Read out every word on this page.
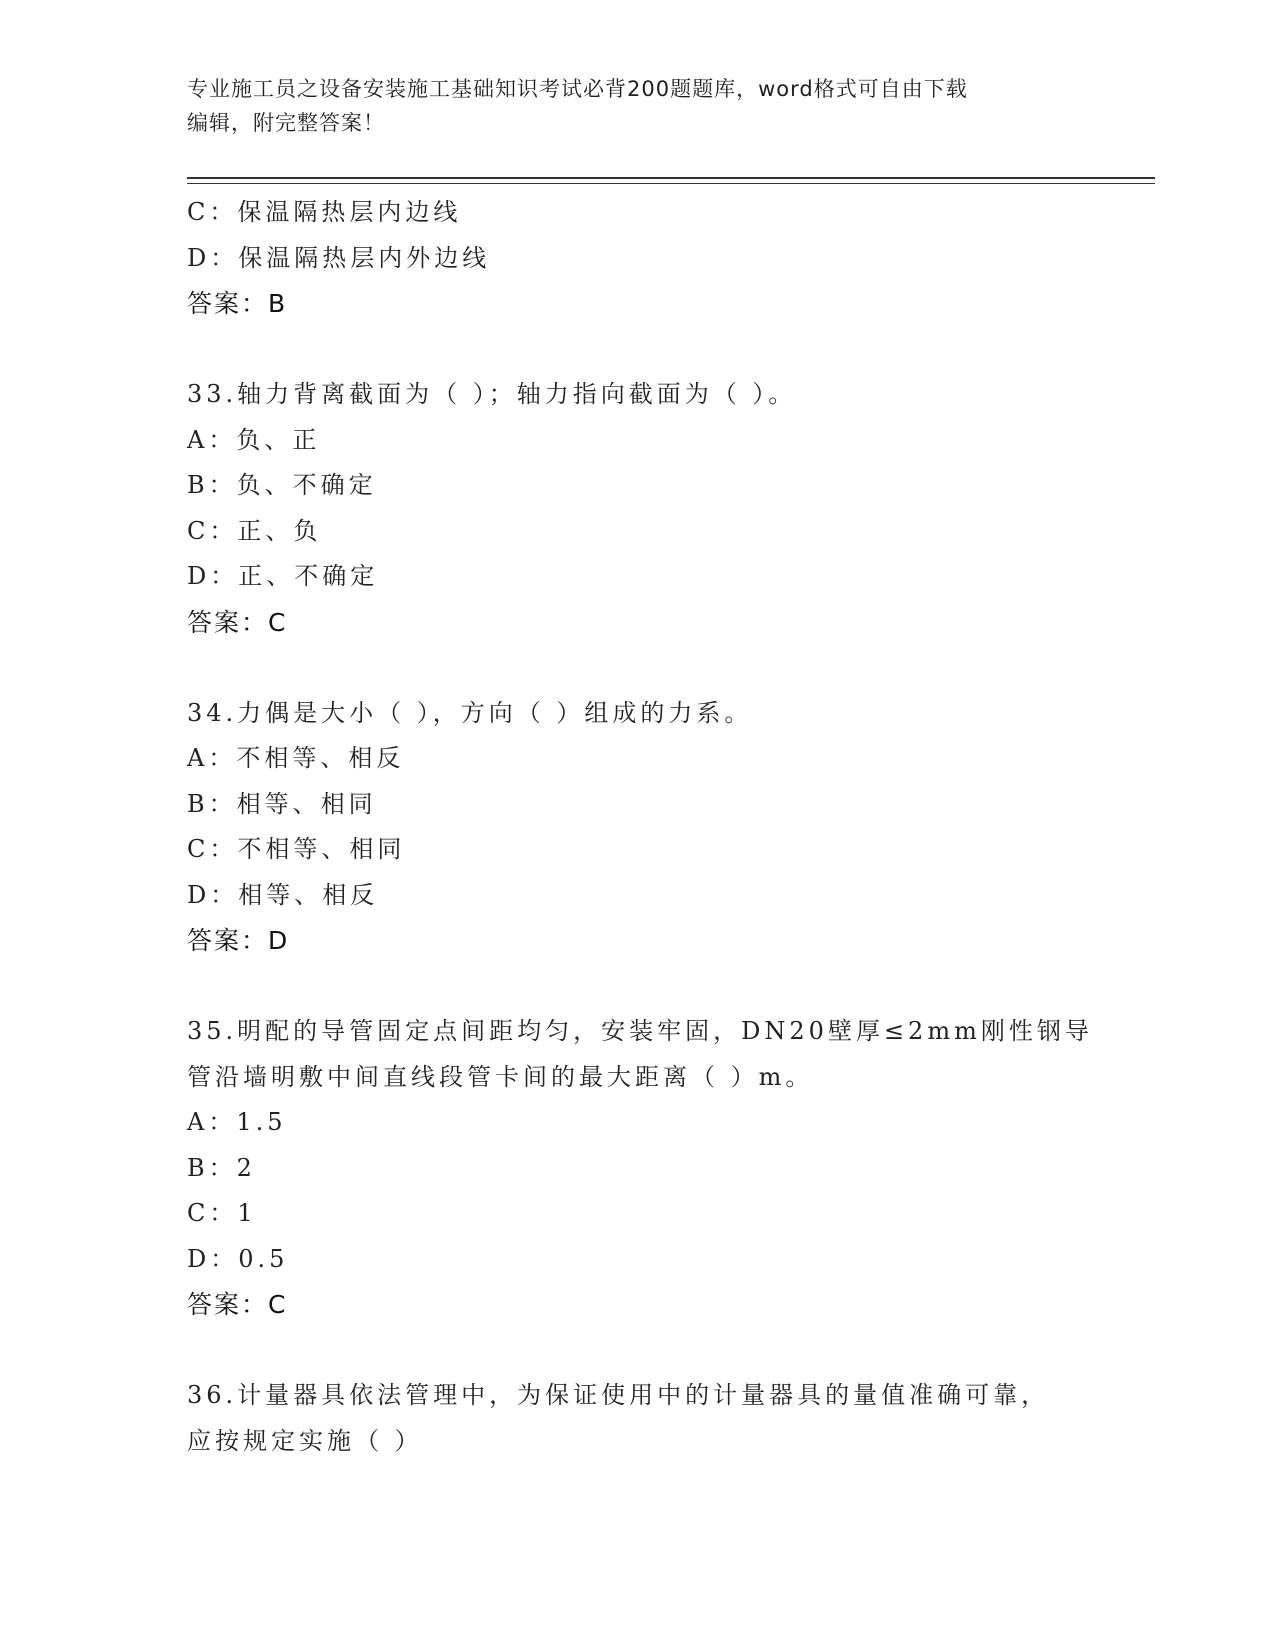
专业施工员之设备安装施工基础知识考试必背200题题库，word格式可自由下载
编辑，附完整答案！
C：保温隔热层内边线
D：保温隔热层内外边线
答案：B
33.轴力背离截面为（ ）；轴力指向截面为（ ）。
A：负、正
B：负、不确定
C：正、负
D：正、不确定
答案：C
34.力偶是大小（ ），方向（ ）组成的力系。
A：不相等、相反
B：相等、相同
C：不相等、相同
D：相等、相反
答案：D
35.明配的导管固定点间距均匀，安装牢固，DN20壁厚≤2mm刚性钢导
管沿墙明敷中间直线段管卡间的最大距离（ ）m。
A：1.5
B：2
C：1
D：0.5
答案：C
36.计量器具依法管理中，为保证使用中的计量器具的量值准确可靠，
应按规定实施（ ）
